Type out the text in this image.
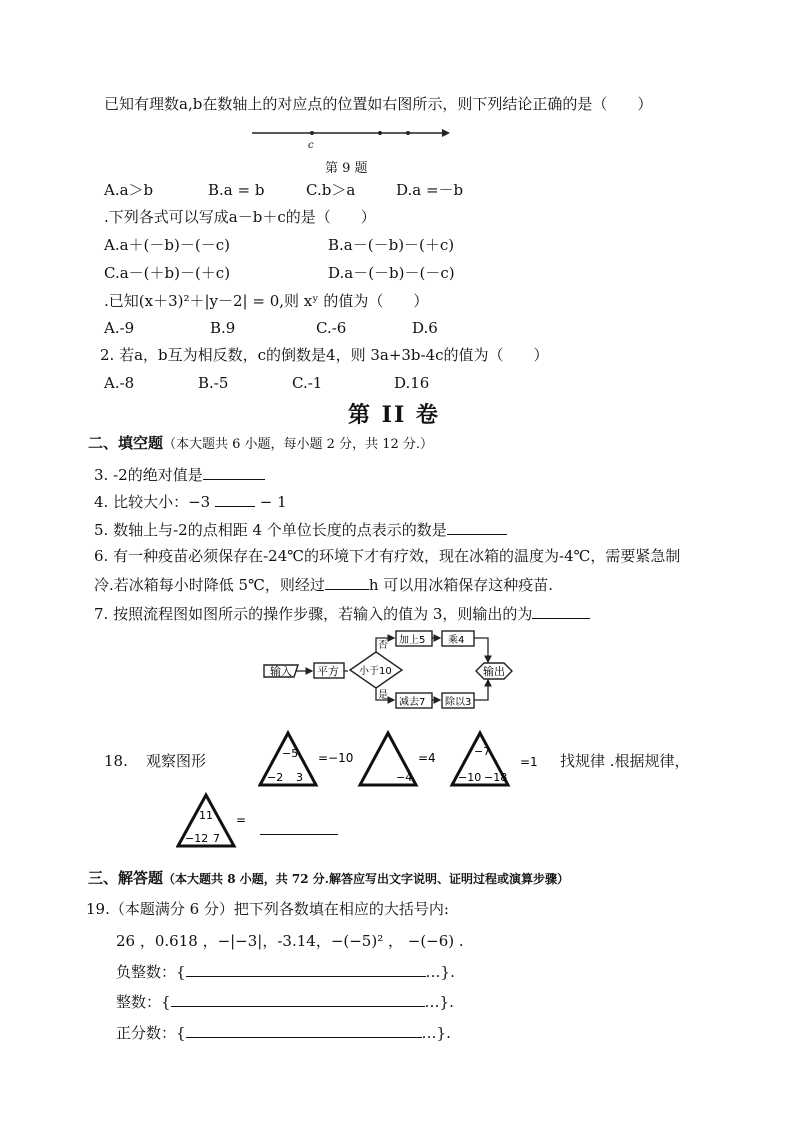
已知有理数a,b在数轴上的对应点的位置如右图所示，则下列结论正确的是（　　）
c
第 9 题
A.a＞b	B.a = b	C.b＞a	D.a =－b
.下列各式可以写成a－b＋c的是（　　）
A.a＋(－b)－(－c)	B.a－(－b)－(＋c)
C.a－(＋b)－(＋c)	D.a－(－b)－(－c)
.已知(x＋3)²＋|y－2| = 0,则 xʸ 的值为（　　）
A.-9	B.9	C.-6	D.6
2. 若a，b互为相反数，c的倒数是4，则 3a+3b-4c的值为（　　）
A.-8	B.-5	C.-1	D.16
第 II 卷
二、填空题（本大题共 6 小题，每小题 2 分，共 12 分.）
3. -2的绝对值是
4. 比较大小：−3	− 1
5. 数轴上与-2的点相距 4 个单位长度的点表示的数是
6. 有一种疫苗必须保存在-24℃的环境下才有疗效，现在冰箱的温度为-4℃，需要紧急制
冷.若冰箱每小时降低 5℃，则经过	h 可以用冰箱保存这种疫苗.
7. 按照流程图如图所示的操作步骤，若输入的值为 3，则输出的为
输入 平方 小于10
否
是
加上5 乘4
减去7 除以3
输出
18. 观察图形	−5
−2 3
=−10
−4
=4	−7
−10 −18
=1 找规律 .根据规律，
11
−12 7
=
三、解答题（本大题共 8 小题，共 72 分.解答应写出文字说明、证明过程或演算步骤）
19.（本题满分 6 分）把下列各数填在相应的大括号内:
26 ，0.618 ，−|−3|，-3.14，−(−5)² ， −(−6) .
负整数：{	…}.
整数：{	…}.
正分数：{	…}.
